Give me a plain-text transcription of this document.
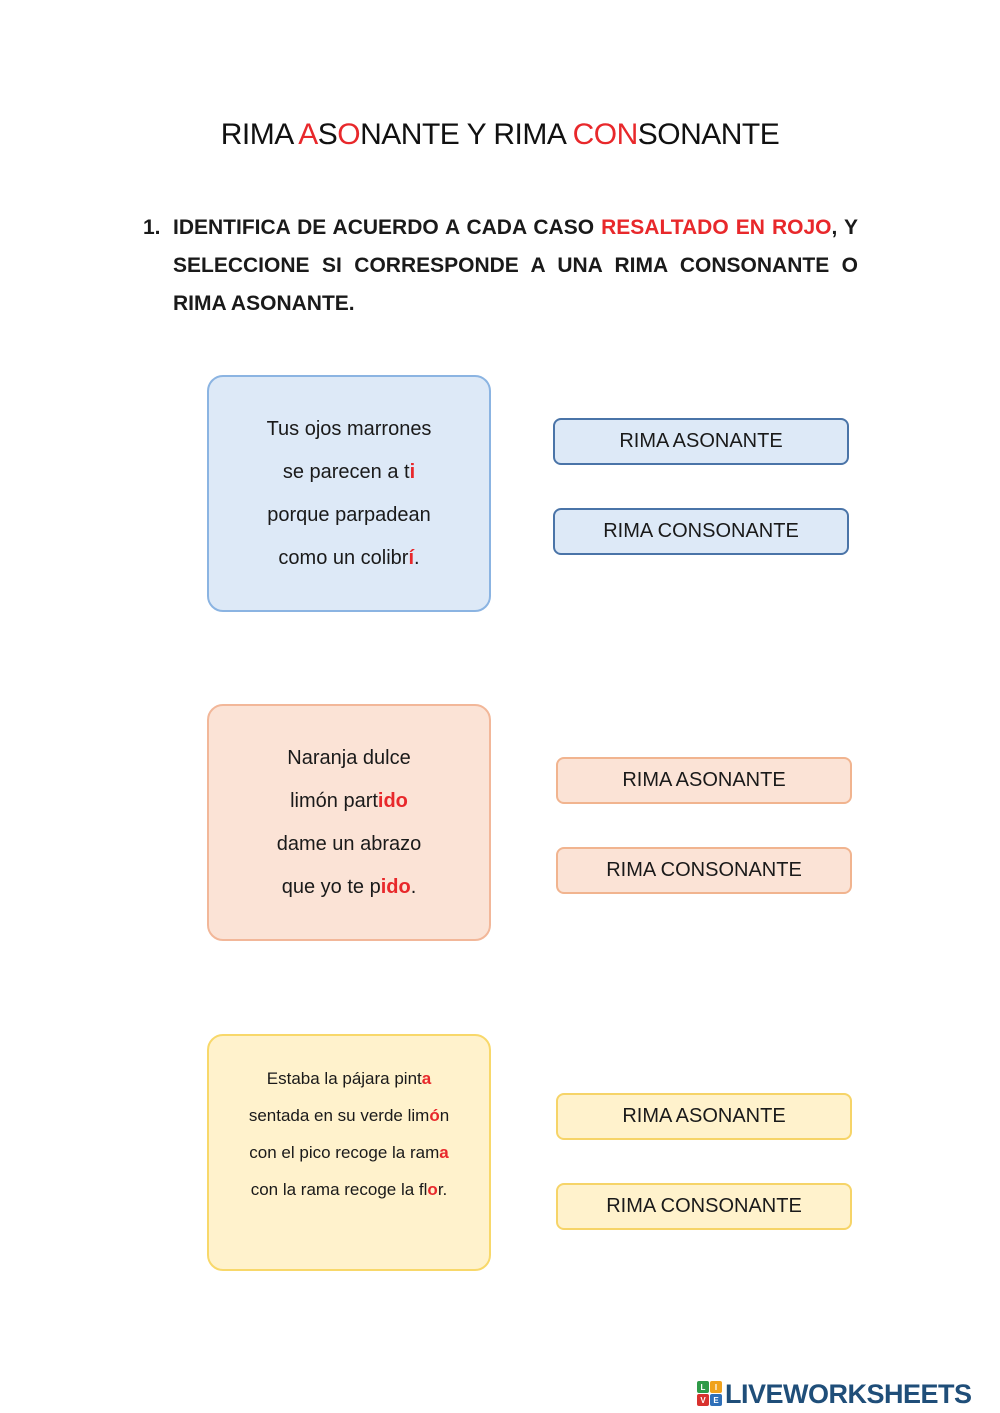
RIMA ASONANTE Y RIMA CONSONANTE
1. IDENTIFICA DE ACUERDO A CADA CASO RESALTADO EN ROJO, Y SELECCIONE SI CORRESPONDE A UNA RIMA CONSONANTE O RIMA ASONANTE.
Tus ojos marrones
se parecen a ti
porque parpadean
como un colibrí.
RIMA ASONANTE
RIMA CONSONANTE
Naranja dulce
limón partido
dame un abrazo
que yo te pido.
RIMA ASONANTE
RIMA CONSONANTE
Estaba la pájara pinta
sentada en su verde limón
con el pico recoge la rama
con la rama recoge la flor.
RIMA ASONANTE
RIMA CONSONANTE
L	I
V E LIVEWORKSHEETS
